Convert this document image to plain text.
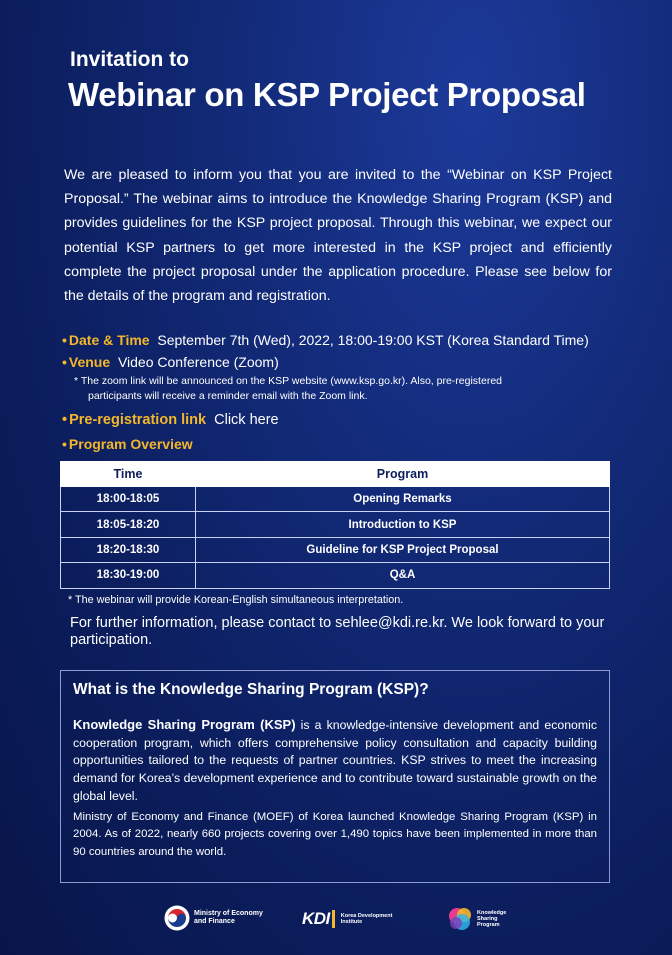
Invitation to
Webinar on KSP Project Proposal

We are pleased to inform you that you are invited to the “Webinar on KSP Project Proposal.” The webinar aims to introduce the Knowledge Sharing Program (KSP) and provides guidelines for the KSP project proposal. Through this webinar, we expect our potential KSP partners to get more interested in the KSP project and efficiently complete the project proposal under the application procedure. Please see below for the details of the program and registration.

• Date & Time September 7th (Wed), 2022, 18:00-19:00 KST (Korea Standard Time)
• Venue Video Conference (Zoom)
* The zoom link will be announced on the KSP website (www.ksp.go.kr). Also, pre-registered
participants will receive a reminder email with the Zoom link.
• Pre-registration link Click here
• Program Overview
Time	Program
18:00-18:05	Opening Remarks
18:05-18:20	Introduction to KSP
18:20-18:30	Guideline for KSP Project Proposal
18:30-19:00	Q&A
* The webinar will provide Korean-English simultaneous interpretation.

For further information, please contact to sehlee@kdi.re.kr. We look forward to your participation.

What is the Knowledge Sharing Program (KSP)?

Knowledge Sharing Program (KSP) is a knowledge-intensive development and economic cooperation program, which offers comprehensive policy consultation and capacity building opportunities tailored to the requests of partner countries. KSP strives to meet the increasing demand for Korea’s development experience and to contribute toward sustainable growth on the global level.

Ministry of Economy and Finance (MOEF) of Korea launched Knowledge Sharing Program (KSP) in 2004. As of 2022, nearly 660 projects covering over 1,490 topics have been implemented in more than 90 countries around the world.

Ministry of Economy
and Finance	KDI Korea Development
Institute
Knowledge
Sharing
Program
